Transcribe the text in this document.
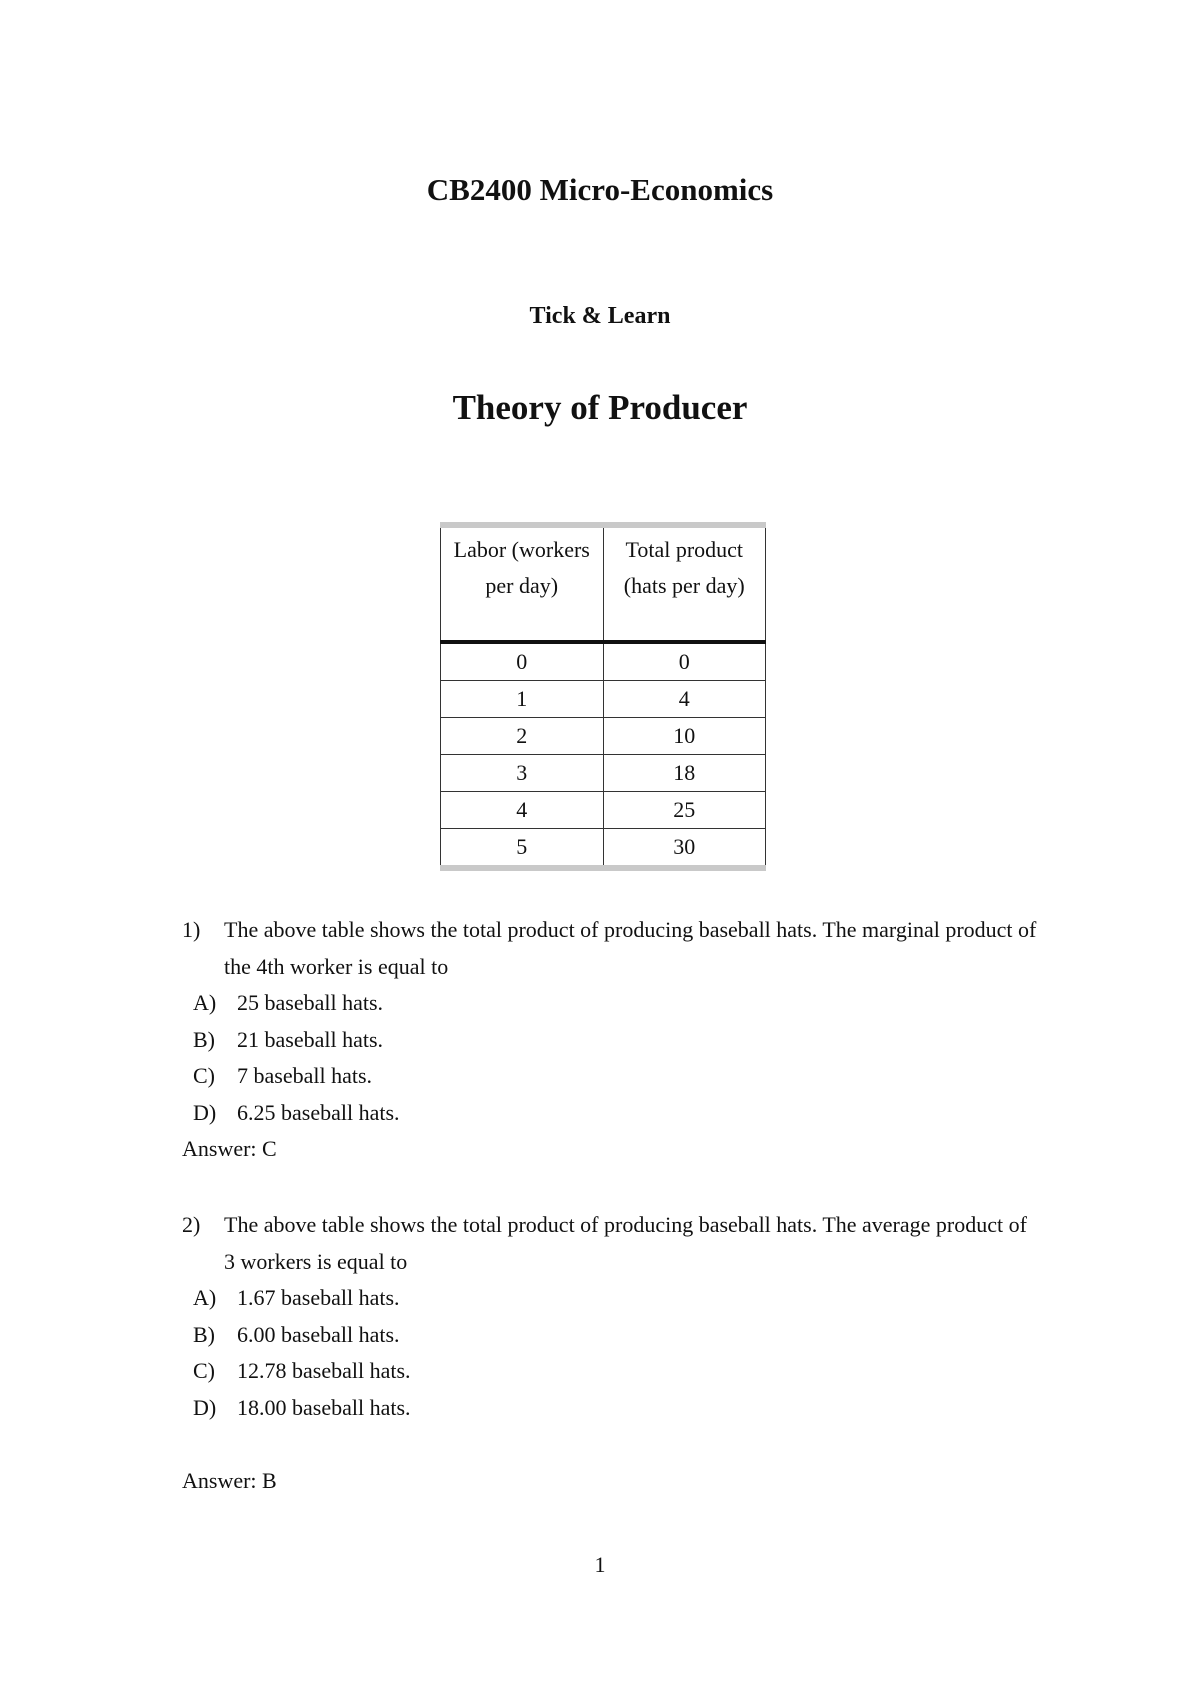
CB2400 Micro-Economics
Tick & Learn
Theory of Producer
Labor (workers per day)	Total product (hats per day)
0	0
1	4
2	10
3	18
4	25
5	30
1) The above table shows the total product of producing baseball hats. The marginal product of the 4th worker is equal to
A) 25 baseball hats.
B) 21 baseball hats.
C) 7 baseball hats.
D) 6.25 baseball hats.
Answer: C
2) The above table shows the total product of producing baseball hats. The average product of 3 workers is equal to
A) 1.67 baseball hats.
B) 6.00 baseball hats.
C) 12.78 baseball hats.
D) 18.00 baseball hats.
Answer: B
1
